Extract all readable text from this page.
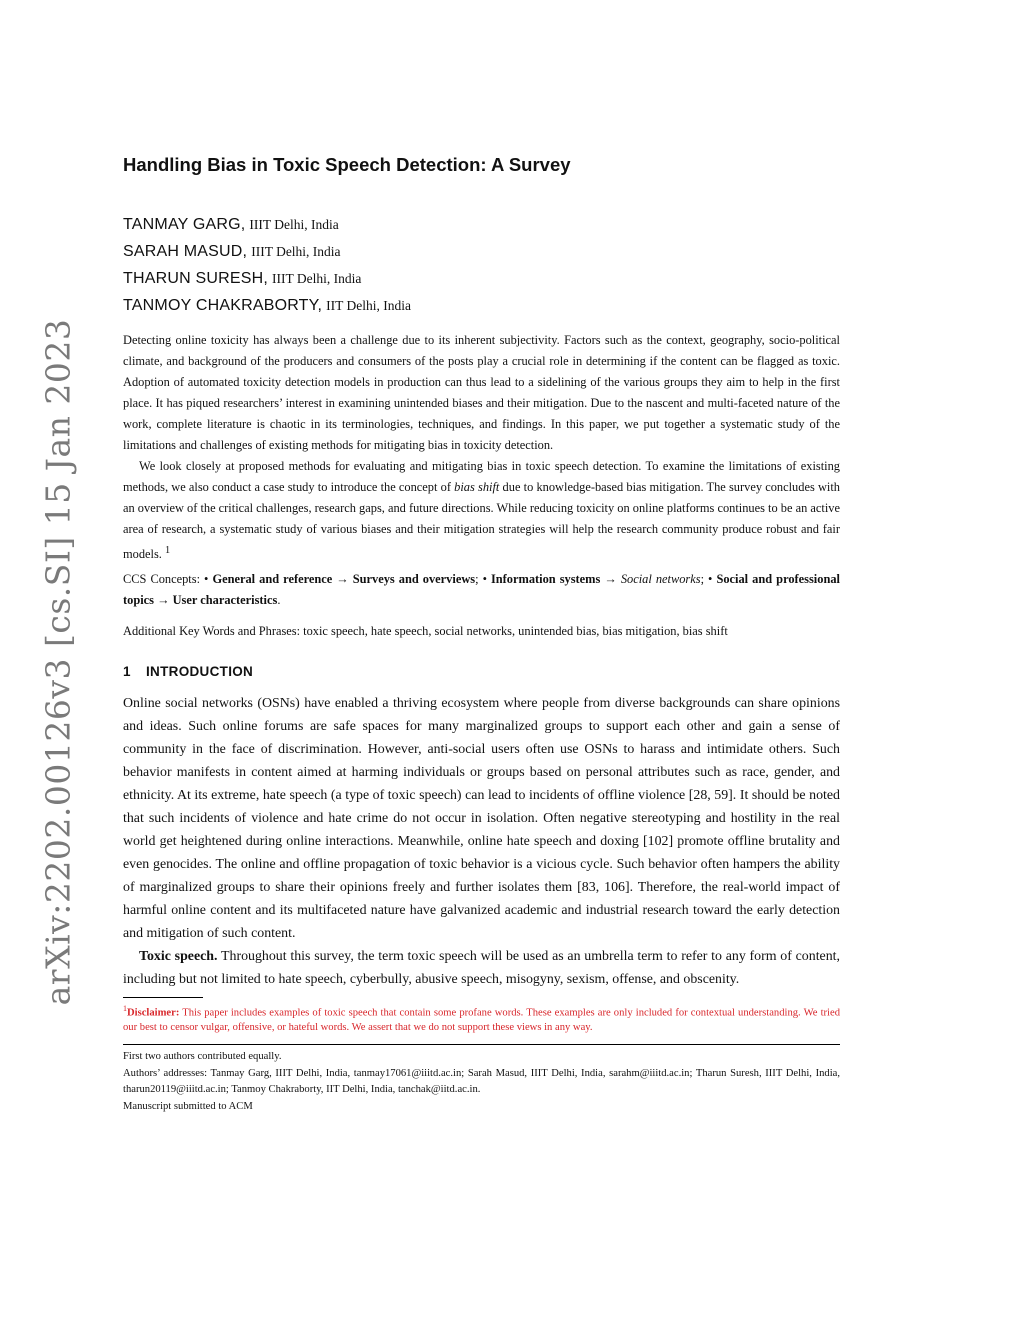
arXiv:2202.00126v3 [cs.SI] 15 Jan 2023
Handling Bias in Toxic Speech Detection: A Survey
TANMAY GARG, IIIT Delhi, India
SARAH MASUD, IIIT Delhi, India
THARUN SURESH, IIIT Delhi, India
TANMOY CHAKRABORTY, IIT Delhi, India

Detecting online toxicity has always been a challenge due to its inherent subjectivity. Factors such as the context, geography, socio-political climate, and background of the producers and consumers of the posts play a crucial role in determining if the content can be flagged as toxic. Adoption of automated toxicity detection models in production can thus lead to a sidelining of the various groups they aim to help in the first place. It has piqued researchers’ interest in examining unintended biases and their mitigation. Due to the nascent and multi-faceted nature of the work, complete literature is chaotic in its terminologies, techniques, and findings. In this paper, we put together a systematic study of the limitations and challenges of existing methods for mitigating bias in toxicity detection.

We look closely at proposed methods for evaluating and mitigating bias in toxic speech detection. To examine the limitations of existing methods, we also conduct a case study to introduce the concept of bias shift due to knowledge-based bias mitigation. The survey concludes with an overview of the critical challenges, research gaps, and future directions. While reducing toxicity on online platforms continues to be an active area of research, a systematic study of various biases and their mitigation strategies will help the research community produce robust and fair models. $^1$

CCS Concepts: • General and reference → Surveys and overviews; • Information systems → Social networks; • Social and professional topics → User characteristics.
Additional Key Words and Phrases: toxic speech, hate speech, social networks, unintended bias, bias mitigation, bias shift
1 INTRODUCTION

Online social networks (OSNs) have enabled a thriving ecosystem where people from diverse backgrounds can share opinions and ideas. Such online forums are safe spaces for many marginalized groups to support each other and gain a sense of community in the face of discrimination. However, anti-social users often use OSNs to harass and intimidate others. Such behavior manifests in content aimed at harming individuals or groups based on personal attributes such as race, gender, and ethnicity. At its extreme, hate speech (a type of toxic speech) can lead to incidents of offline violence [28, 59]. It should be noted that such incidents of violence and hate crime do not occur in isolation. Often negative stereotyping and hostility in the real world get heightened during online interactions. Meanwhile, online hate speech and doxing [102] promote offline brutality and even genocides. The online and offline propagation of toxic behavior is a vicious cycle. Such behavior often hampers the ability of marginalized groups to share their opinions freely and further isolates them [83, 106]. Therefore, the real-world impact of harmful online content and its multifaceted nature have galvanized academic and industrial research toward the early detection and mitigation of such content.

Toxic speech. Throughout this survey, the term toxic speech will be used as an umbrella term to refer to any form of content, including but not limited to hate speech, cyberbully, abusive speech, misogyny, sexism, offense, and obscenity.

$^1$Disclaimer: This paper includes examples of toxic speech that contain some profane words. These examples are only included for contextual understanding. We tried our best to censor vulgar, offensive, or hateful words. We assert that we do not support these views in any way.

First two authors contributed equally.

Authors’ addresses: Tanmay Garg, IIIT Delhi, India, tanmay17061@iiitd.ac.in; Sarah Masud, IIIT Delhi, India, sarahm@iiitd.ac.in; Tharun Suresh, IIIT Delhi, India, tharun20119@iiitd.ac.in; Tanmoy Chakraborty, IIT Delhi, India, tanchak@iitd.ac.in.

Manuscript submitted to ACM
